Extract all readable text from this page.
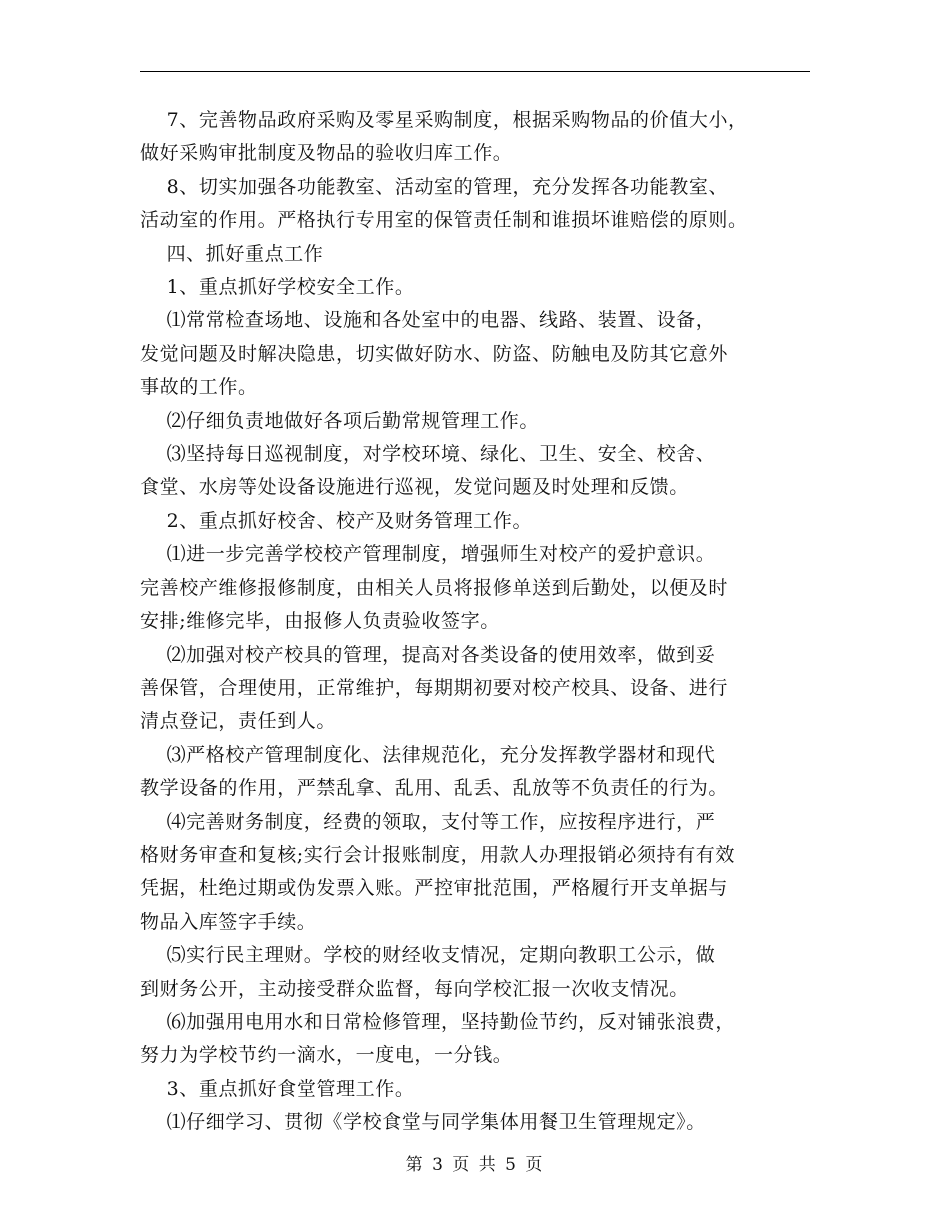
7、完善物品政府采购及零星采购制度，根据采购物品的价值大小，
做好采购审批制度及物品的验收归库工作。

8、切实加强各功能教室、活动室的管理，充分发挥各功能教室、
活动室的作用。严格执行专用室的保管责任制和谁损坏谁赔偿的原则。

四、抓好重点工作

1、重点抓好学校安全工作。

⑴常常检查场地、设施和各处室中的电器、线路、装置、设备，
发觉问题及时解决隐患，切实做好防水、防盗、防触电及防其它意外
事故的工作。

⑵仔细负责地做好各项后勤常规管理工作。

⑶坚持每日巡视制度，对学校环境、绿化、卫生、安全、校舍、
食堂、水房等处设备设施进行巡视，发觉问题及时处理和反馈。

2、重点抓好校舍、校产及财务管理工作。

⑴进一步完善学校校产管理制度，增强师生对校产的爱护意识。
完善校产维修报修制度，由相关人员将报修单送到后勤处，以便及时
安排;维修完毕，由报修人负责验收签字。

⑵加强对校产校具的管理，提高对各类设备的使用效率，做到妥
善保管，合理使用，正常维护，每期期初要对校产校具、设备、进行
清点登记，责任到人。

⑶严格校产管理制度化、法律规范化，充分发挥教学器材和现代
教学设备的作用，严禁乱拿、乱用、乱丢、乱放等不负责任的行为。

⑷完善财务制度，经费的领取，支付等工作，应按程序进行，严
格财务审查和复核;实行会计报账制度，用款人办理报销必须持有有效
凭据，杜绝过期或伪发票入账。严控审批范围，严格履行开支单据与
物品入库签字手续。

⑸实行民主理财。学校的财经收支情况，定期向教职工公示，做
到财务公开，主动接受群众监督，每向学校汇报一次收支情况。

⑹加强用电用水和日常检修管理，坚持勤俭节约，反对铺张浪费，
努力为学校节约一滴水，一度电，一分钱。

3、重点抓好食堂管理工作。

⑴仔细学习、贯彻《学校食堂与同学集体用餐卫生管理规定》。

第 3 页 共 5 页
